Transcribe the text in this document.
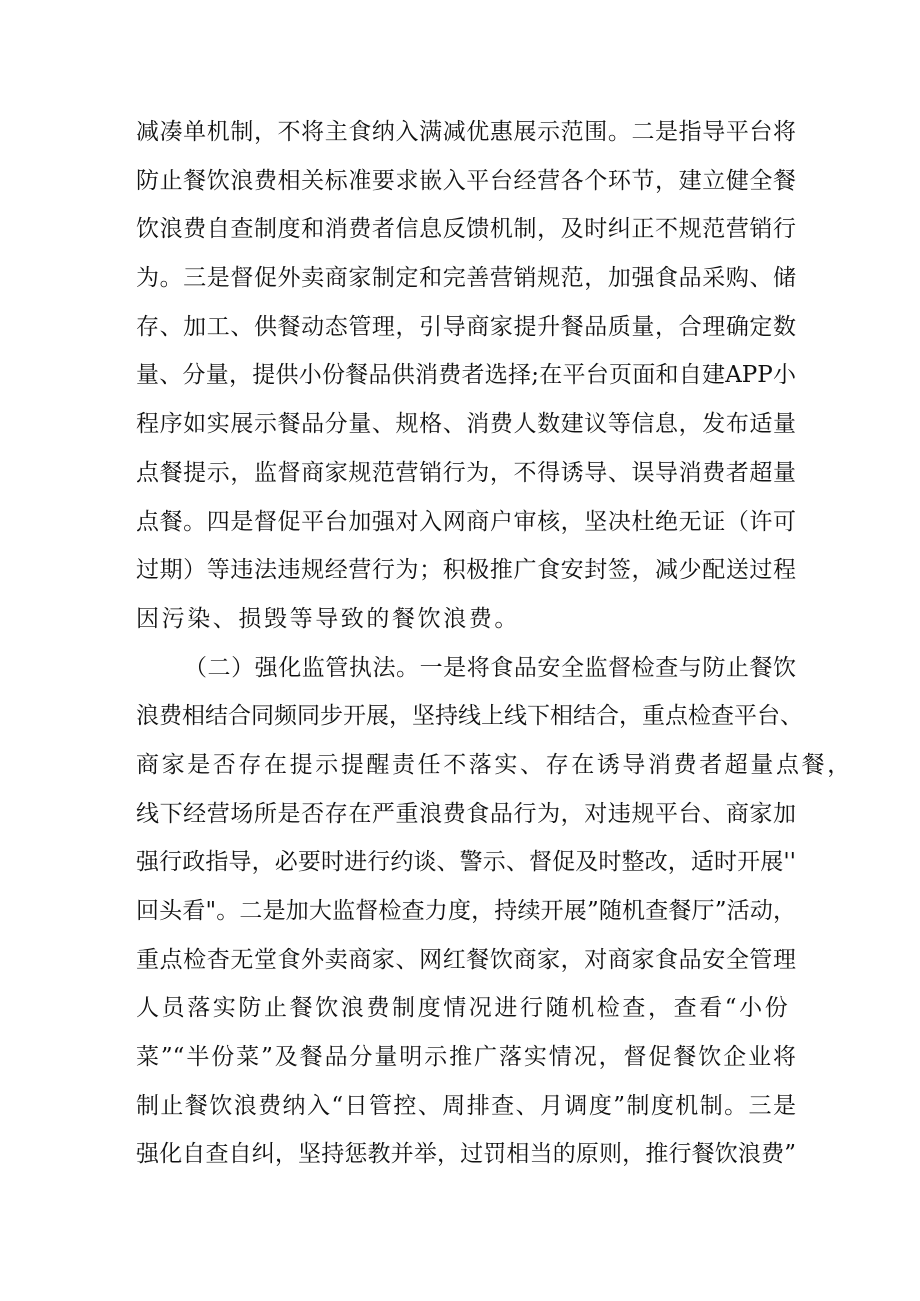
减凑单机制，不将主食纳入满减优惠展示范围。二是指导平台将
防止餐饮浪费相关标准要求嵌入平台经营各个环节，建立健全餐
饮浪费自查制度和消费者信息反馈机制，及时纠正不规范营销行
为。三是督促外卖商家制定和完善营销规范，加强食品采购、储
存、加工、供餐动态管理，引导商家提升餐品质量，合理确定数
量、分量，提供小份餐品供消费者选择;在平台页面和自建APP小
程序如实展示餐品分量、规格、消费人数建议等信息，发布适量
点餐提示，监督商家规范营销行为，不得诱导、误导消费者超量
点餐。四是督促平台加强对入网商户审核，坚决杜绝无证（许可
过期）等违法违规经营行为；积极推广食安封签，减少配送过程
因污染、损毁等导致的餐饮浪费。
（二）强化监管执法。一是将食品安全监督检查与防止餐饮
浪费相结合同频同步开展，坚持线上线下相结合，重点检查平台、
商家是否存在提示提醒责任不落实、存在诱导消费者超量点餐，
线下经营场所是否存在严重浪费食品行为，对违规平台、商家加
强行政指导，必要时进行约谈、警示、督促及时整改，适时开展''
回头看"。二是加大监督检查力度，持续开展”随机查餐厅”活动，
重点检杳无堂食外卖商家、网红餐饮商家，对商家食品安全管理
人员落实防止餐饮浪费制度情况进行随机检查，查看“小份
菜”“半份菜”及餐品分量明示推广落实情况，督促餐饮企业将
制止餐饮浪费纳入“日管控、周排查、月调度”制度机制。三是
强化自查自纠，坚持惩教并举，过罚相当的原则，推行餐饮浪费”
